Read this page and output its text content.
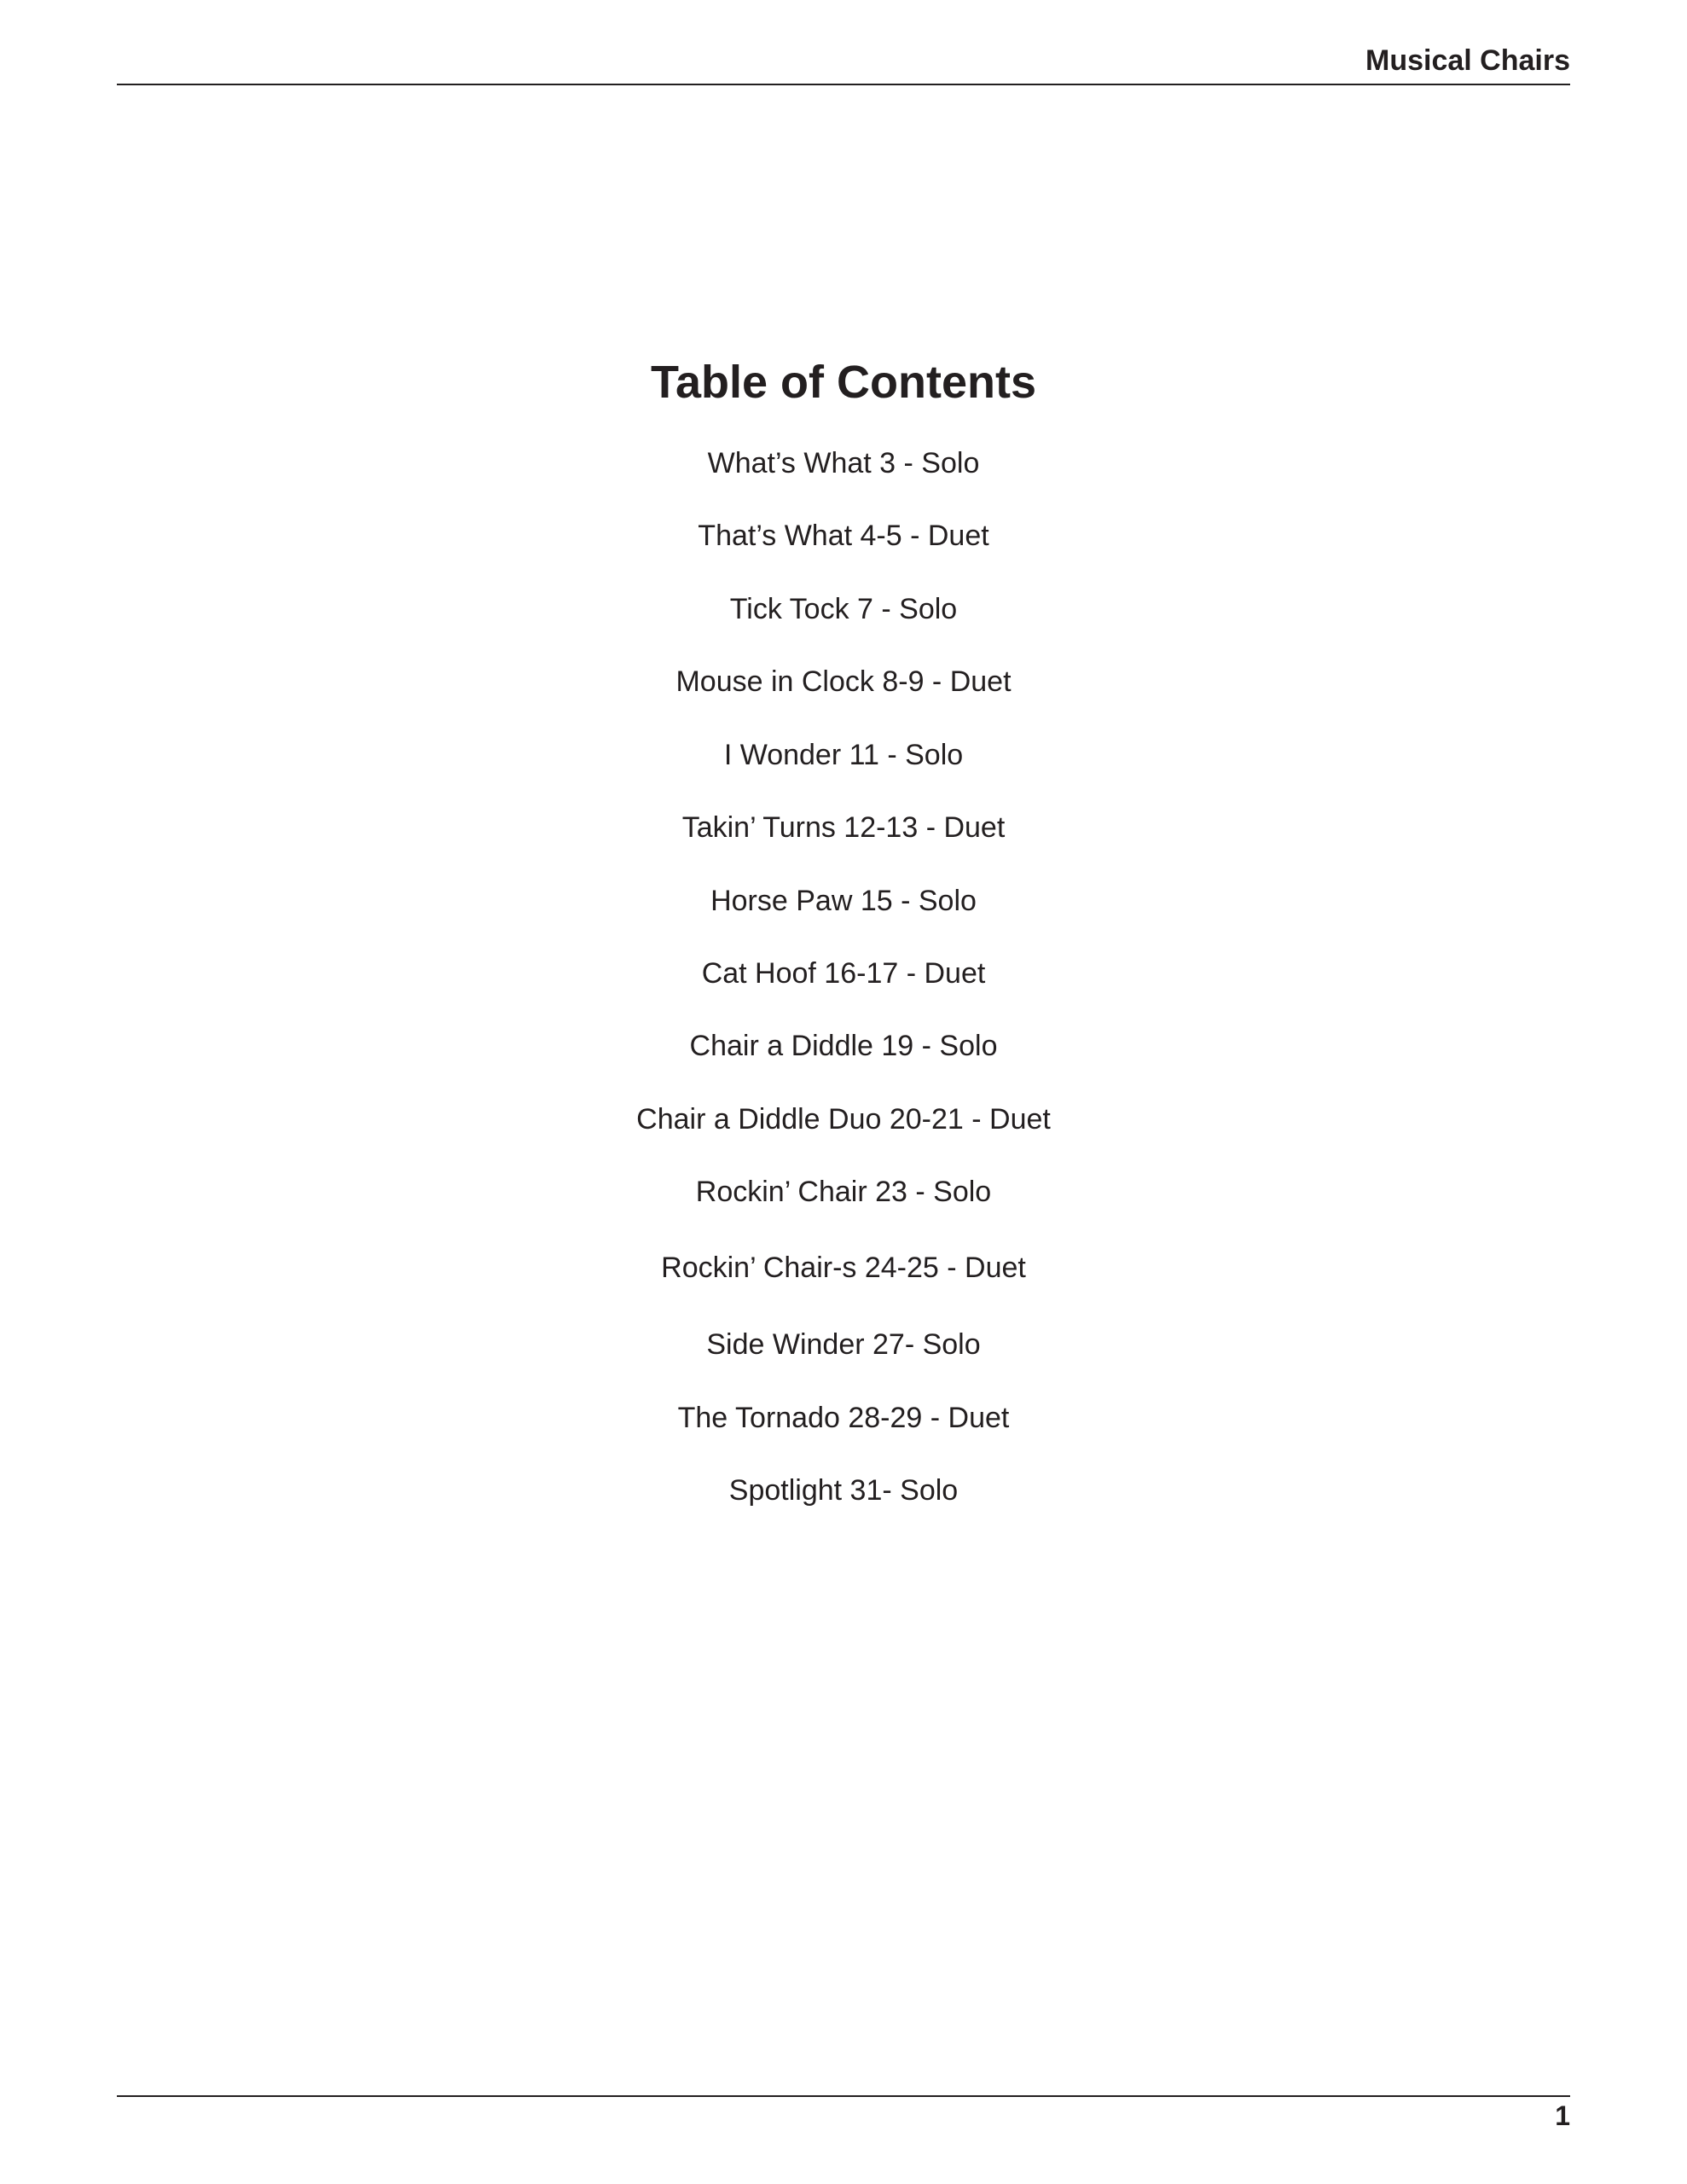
Musical Chairs
Table of Contents
What’s What 3 - Solo
That’s What 4-5 - Duet
Tick Tock 7 - Solo
Mouse in Clock 8-9 - Duet
I Wonder 11 - Solo
Takin’ Turns 12-13 - Duet
Horse Paw 15 - Solo
Cat Hoof 16-17 - Duet
Chair a Diddle 19 - Solo
Chair a Diddle Duo 20-21 - Duet
Rockin’ Chair 23 - Solo
Rockin’ Chair-s 24-25 - Duet
Side Winder 27- Solo
The Tornado 28-29 - Duet
Spotlight 31- Solo
1
